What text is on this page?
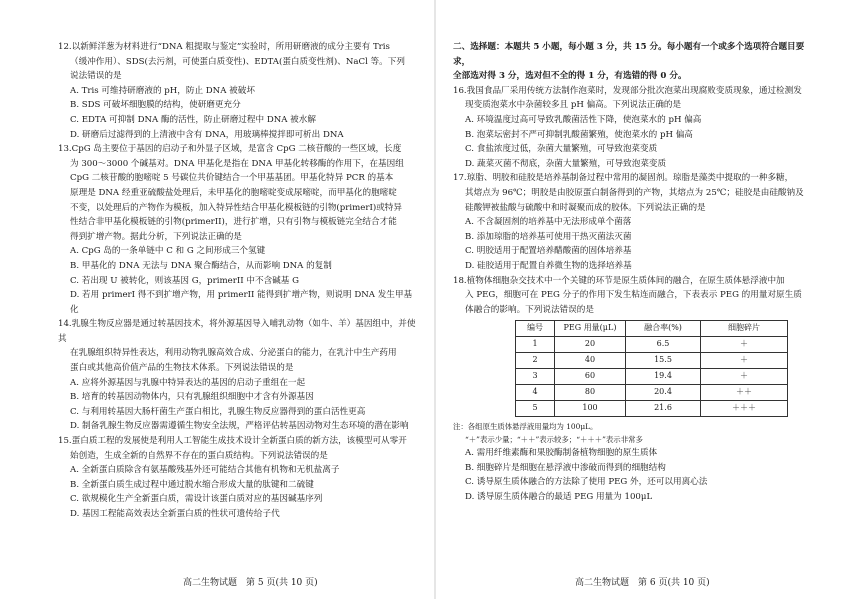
12.以新鲜洋葱为材料进行“DNA 粗提取与鉴定”实验时，所用研磨液的成分主要有 Tris

（缓冲作用）、SDS(去污剂，可使蛋白质变性)、EDTA(蛋白质变性剂)、NaCl 等。下列

说法错误的是

A. Tris 可维持研磨液的 pH，防止 DNA 被破坏

B. SDS 可破坏细胞膜的结构，使研磨更充分

C. EDTA 可抑制 DNA 酶的活性，防止研磨过程中 DNA 被水解

D. 研磨后过滤得到的上清液中含有 DNA，用玻璃棒搅拌即可析出 DNA

13.CpG 岛主要位于基因的启动子和外显子区域，是富含 CpG 二核苷酸的一些区域，长度

为 300～3000 个碱基对。DNA 甲基化是指在 DNA 甲基化转移酶的作用下，在基因组

CpG 二核苷酸的胞嘧啶 5 号碳位共价键结合一个甲基基团。甲基化特异 PCR 的基本

原理是 DNA 经重亚硫酸盐处理后，未甲基化的胞嘧啶变成尿嘧啶，而甲基化的胞嘧啶

不变，以处理后的产物作为模板，加入特异性结合甲基化模板链的引物(primerI)或特异

性结合非甲基化模板链的引物(primerII)，进行扩增，只有引物与模板链完全结合才能

得到扩增产物。据此分析，下列说法正确的是

A. CpG 岛的一条单链中 C 和 G 之间形成三个氢键

B. 甲基化的 DNA 无法与 DNA 聚合酶结合，从而影响 DNA 的复制

C. 若出现 U 被转化，则该基因 G，primerII 中不含碱基 G

D. 若用 primerI 得不到扩增产物，用 primerII 能得到扩增产物，则说明 DNA 发生甲基化

14.乳腺生物反应器是通过转基因技术，将外源基因导入哺乳动物（如牛、羊）基因组中，并使其

在乳腺组织特异性表达，利用动物乳腺高效合成、分泌蛋白的能力，在乳汁中生产药用

蛋白或其他高价值产品的生物技术体系。下列说法错误的是

A. 应将外源基因与乳腺中特异表达的基因的启动子重组在一起

B. 培育的转基因动物体内，只有乳腺组织细胞中才含有外源基因

C. 与利用转基因大肠杆菌生产蛋白相比，乳腺生物反应器得到的蛋白活性更高

D. 制备乳腺生物反应器需遵循生物安全法规，严格评估转基因动物对生态环境的潜在影响

15.蛋白质工程的发展使是利用人工智能生成技术设计全新蛋白质的新方法，该模型可从零开

始创造，生成全新的自然界不存在的蛋白质结构。下列说法错误的是

A. 全新蛋白质除含有氨基酸残基外还可能结合其他有机物和无机盐离子

B. 全新蛋白质生成过程中通过脱水缩合形成大量的肽键和二硫键

C. 欲规模化生产全新蛋白质，需设计该蛋白质对应的基因碱基序列

D. 基因工程能高效表达全新蛋白质的性状可遗传给子代

二、选择题：本题共 5 小题，每小题 3 分，共 15 分。每小题有一个或多个选项符合题目要求，

全部选对得 3 分，选对但不全的得 1 分，有选错的得 0 分。

16.我国食品厂采用传统方法制作泡菜时，发现部分批次泡菜出现腐败变质现象，通过检测发

现变质泡菜水中杂菌较多且 pH 偏高。下列说法正确的是

A. 环境温度过高可导致乳酸菌活性下降，使泡菜水的 pH 偏高

B. 泡菜坛密封不严可抑制乳酸菌繁殖，使泡菜水的 pH 偏高

C. 食盐浓度过低，杂菌大量繁殖，可导致泡菜变质

D. 蔬菜灭菌不彻底，杂菌大量繁殖，可导致泡菜变质

17.琼脂、明胶和硅胶是培养基制备过程中常用的凝固剂。琼脂是藻类中提取的一种多糖，

其熔点为 96℃；明胶是由胶原蛋白制备得到的产物，其熔点为 25℃；硅胶是由硅酸钠及

硅酸钾被盐酸与硫酸中和时凝聚而成的胶体。下列说法正确的是

A. 不含凝固剂的培养基中无法形成单个菌落

B. 添加琼脂的培养基可使用干热灭菌法灭菌

C. 明胶适用于配置培养醋酸菌的固体培养基

D. 硅胶适用于配置自养微生物的选择培养基

18.植物体细胞杂交技术中一个关键的环节是原生质体间的融合，在原生质体悬浮液中加

入 PEG，细胞可在 PEG 分子的作用下发生粘连而融合，下表表示 PEG 的用量对原生质

体融合的影响。下列说法错误的是

编号	PEG 用量(μL)	融合率(%)	细胞碎片
1	20	6.5	＋
2	40	15.5	＋
3	60	19.4	＋
4	80	20.4	＋＋
5	100	21.6	＋＋＋

注：各组原生质体悬浮液用量均为 100μL。

“＋”表示少量；“＋＋”表示较多；“＋＋＋”表示非常多

A. 需用纤维素酶和果胶酶制备植物细胞的原生质体

B. 细胞碎片是细胞在悬浮液中渗破而得到的细胞结构

C. 诱导原生质体融合的方法除了使用 PEG 外，还可以用离心法

D. 诱导原生质体融合的最适 PEG 用量为 100μL

高二生物试题　第 5 页(共 10 页)	高二生物试题　第 6 页(共 10 页)
